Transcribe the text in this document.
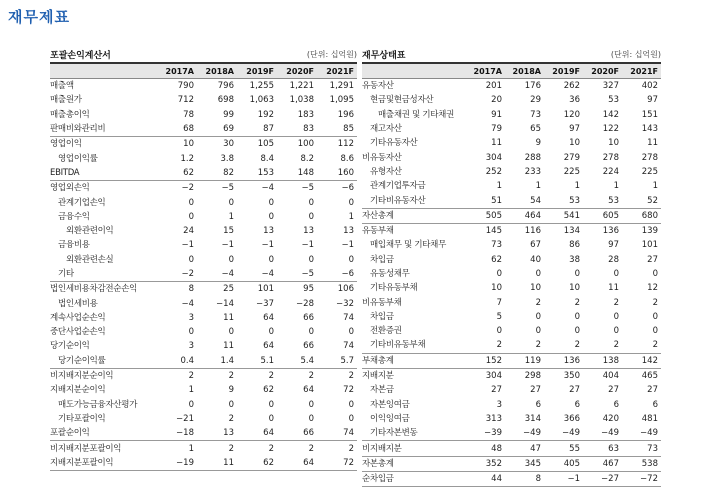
재무제표
포괄손익계산서	(단위: 십억원)
	2017A	2018A	2019F	2020F	2021F
매출액	790	796	1,255	1,221	1,291
매출원가	712	698	1,063	1,038	1,095
매출총이익	78	99	192	183	196
판매비와관리비	68	69	87	83	85
영업이익	10	30	105	100	112
영업이익률	1.2	3.8	8.4	8.2	8.6
EBITDA	62	82	153	148	160
영업외손익	−2	−5	−4	−5	−6
관계기업손익	0	0	0	0	0
금융수익	0	1	0	0	1
외환관련이익	24	15	13	13	13
금융비용	−1	−1	−1	−1	−1
외환관련손실	0	0	0	0	0
기타	−2	−4	−4	−5	−6
법인세비용차감전순손익	8	25	101	95	106
법인세비용	−4	−14	−37	−28	−32
계속사업순손익	3	11	64	66	74
중단사업순손익	0	0	0	0	0
당기순이익	3	11	64	66	74
당기순이익률	0.4	1.4	5.1	5.4	5.7
비지배지분순이익	2	2	2	2	2
지배지분순이익	1	9	62	64	72
매도가능금융자산평가	0	0	0	0	0
기타포괄이익	−21	2	0	0	0
포괄순이익	−18	13	64	66	74
비지배지분포괄이익	1	2	2	2	2
지배지분포괄이익	−19	11	62	64	72
재무상태표	(단위: 십억원)
	2017A	2018A	2019F	2020F	2021F
유동자산	201	176	262	327	402
현금및현금성자산	20	29	36	53	97
매출채권 및 기타채권	91	73	120	142	151
재고자산	79	65	97	122	143
기타유동자산	11	9	10	10	11
비유동자산	304	288	279	278	278
유형자산	252	233	225	224	225
관계기업투자금	1	1	1	1	1
기타비유동자산	51	54	53	53	52
자산총계	505	464	541	605	680
유동부채	145	116	134	136	139
매입채무 및 기타채무	73	67	86	97	101
차입금	62	40	38	28	27
유동성채무	0	0	0	0	0
기타유동부채	10	10	10	11	12
비유동부채	7	2	2	2	2
차입금	5	0	0	0	0
전환증권	0	0	0	0	0
기타비유동부채	2	2	2	2	2
부채총계	152	119	136	138	142
지배지분	304	298	350	404	465
자본금	27	27	27	27	27
자본잉여금	3	6	6	6	6
이익잉여금	313	314	366	420	481
기타자본변동	−39	−49	−49	−49	−49
비지배지분	48	47	55	63	73
자본총계	352	345	405	467	538
순차입금	44	8	−1	−27	−72
